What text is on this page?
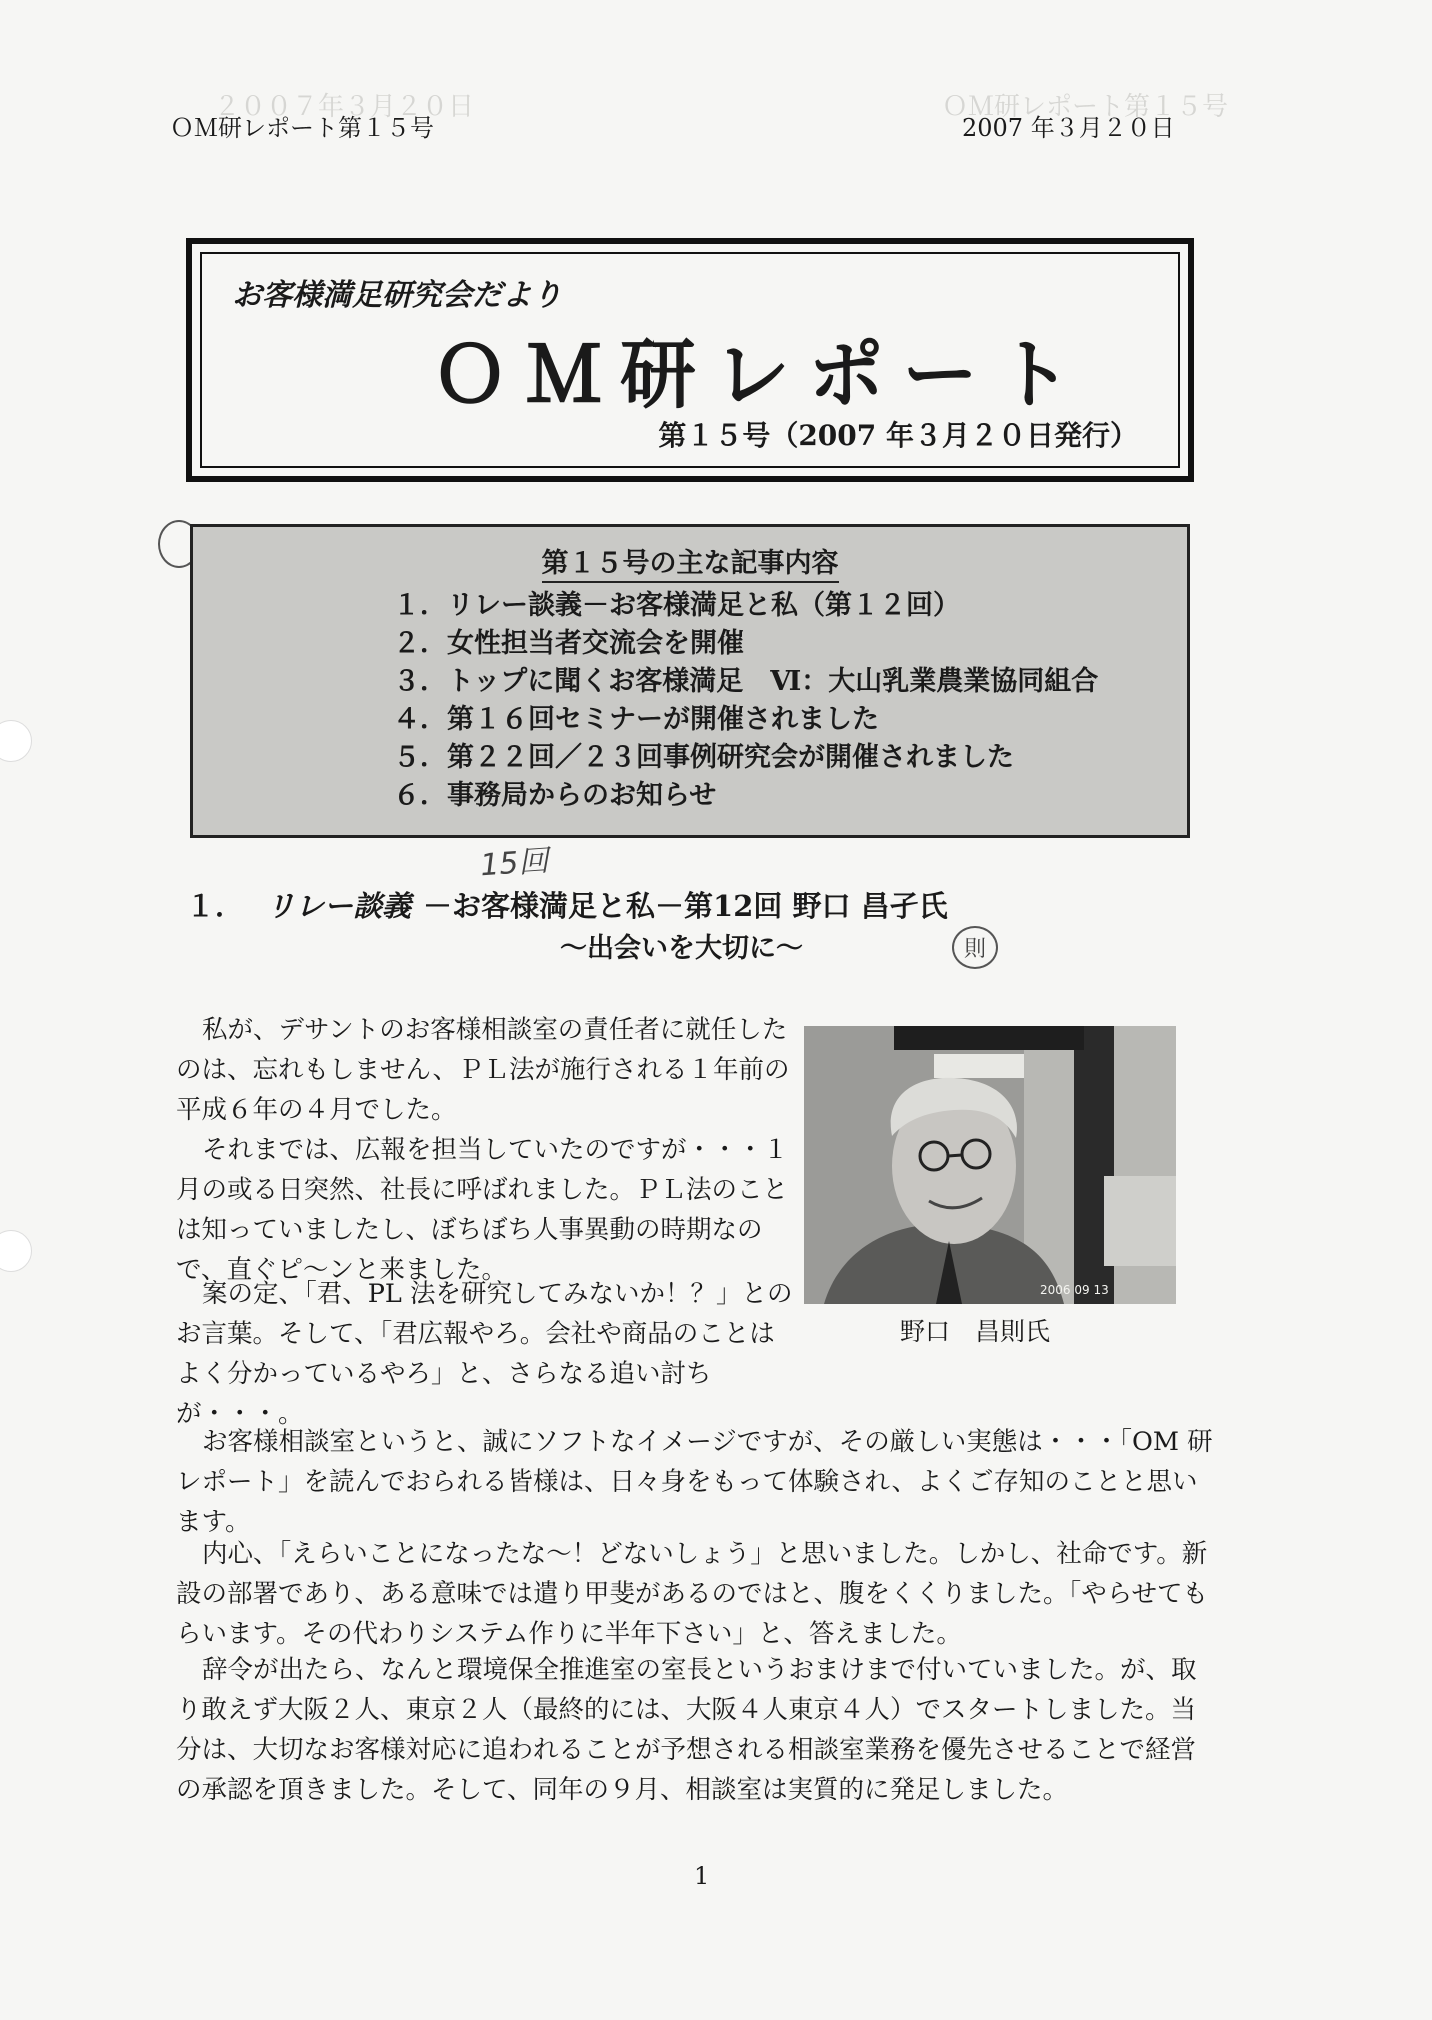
２００７年３月２０日　　　　　　　　　　　　　　　　　　ＯＭ研レポート第１５号
ＯＭ研レポート第１５号	2007 年３月２０日
お客様満足研究会だより
ＯＭ研レポート
第１５号（2007 年３月２０日発行）
第１５号の主な記事内容
１．リレー談義－お客様満足と私（第１２回）
２．女性担当者交流会を開催
３．トップに聞くお客様満足　Ⅵ：大山乳業農業協同組合
４．第１６回セミナーが開催されました
５．第２２回／２３回事例研究会が開催されました
６．事務局からのお知らせ
15回
１． リレー談義 －お客様満足と私－第12回 野口 昌孑氏
～出会いを大切に～	則
2006 09 13
野口　昌則氏

私が、デサントのお客様相談室の責任者に就任したのは、忘れもしません、ＰＬ法が施行される１年前の平成６年の４月でした。

それまでは、広報を担当していたのですが・・・１月の或る日突然、社長に呼ばれました。ＰＬ法のことは知っていましたし、ぼちぼち人事異動の時期なので、直ぐピ～ンと来ました。

案の定、「君、PL 法を研究してみないか！？」とのお言葉。そして、「君広報やろ。会社や商品のことはよく分かっているやろ」と、さらなる追い討ちが・・・。

お客様相談室というと、誠にソフトなイメージですが、その厳しい実態は・・・「OM 研レポート」を読んでおられる皆様は、日々身をもって体験され、よくご存知のことと思います。

内心、「えらいことになったな～！どないしょう」と思いました。しかし、社命です。新設の部署であり、ある意味では遣り甲斐があるのではと、腹をくくりました。「やらせてもらいます。その代わりシステム作りに半年下さい」と、答えました。

辞令が出たら、なんと環境保全推進室の室長というおまけまで付いていました。が、取り敢えず大阪２人、東京２人（最終的には、大阪４人東京４人）でスタートしました。当分は、大切なお客様対応に追われることが予想される相談室業務を優先させることで経営の承認を頂きました。そして、同年の９月、相談室は実質的に発足しました。

1
